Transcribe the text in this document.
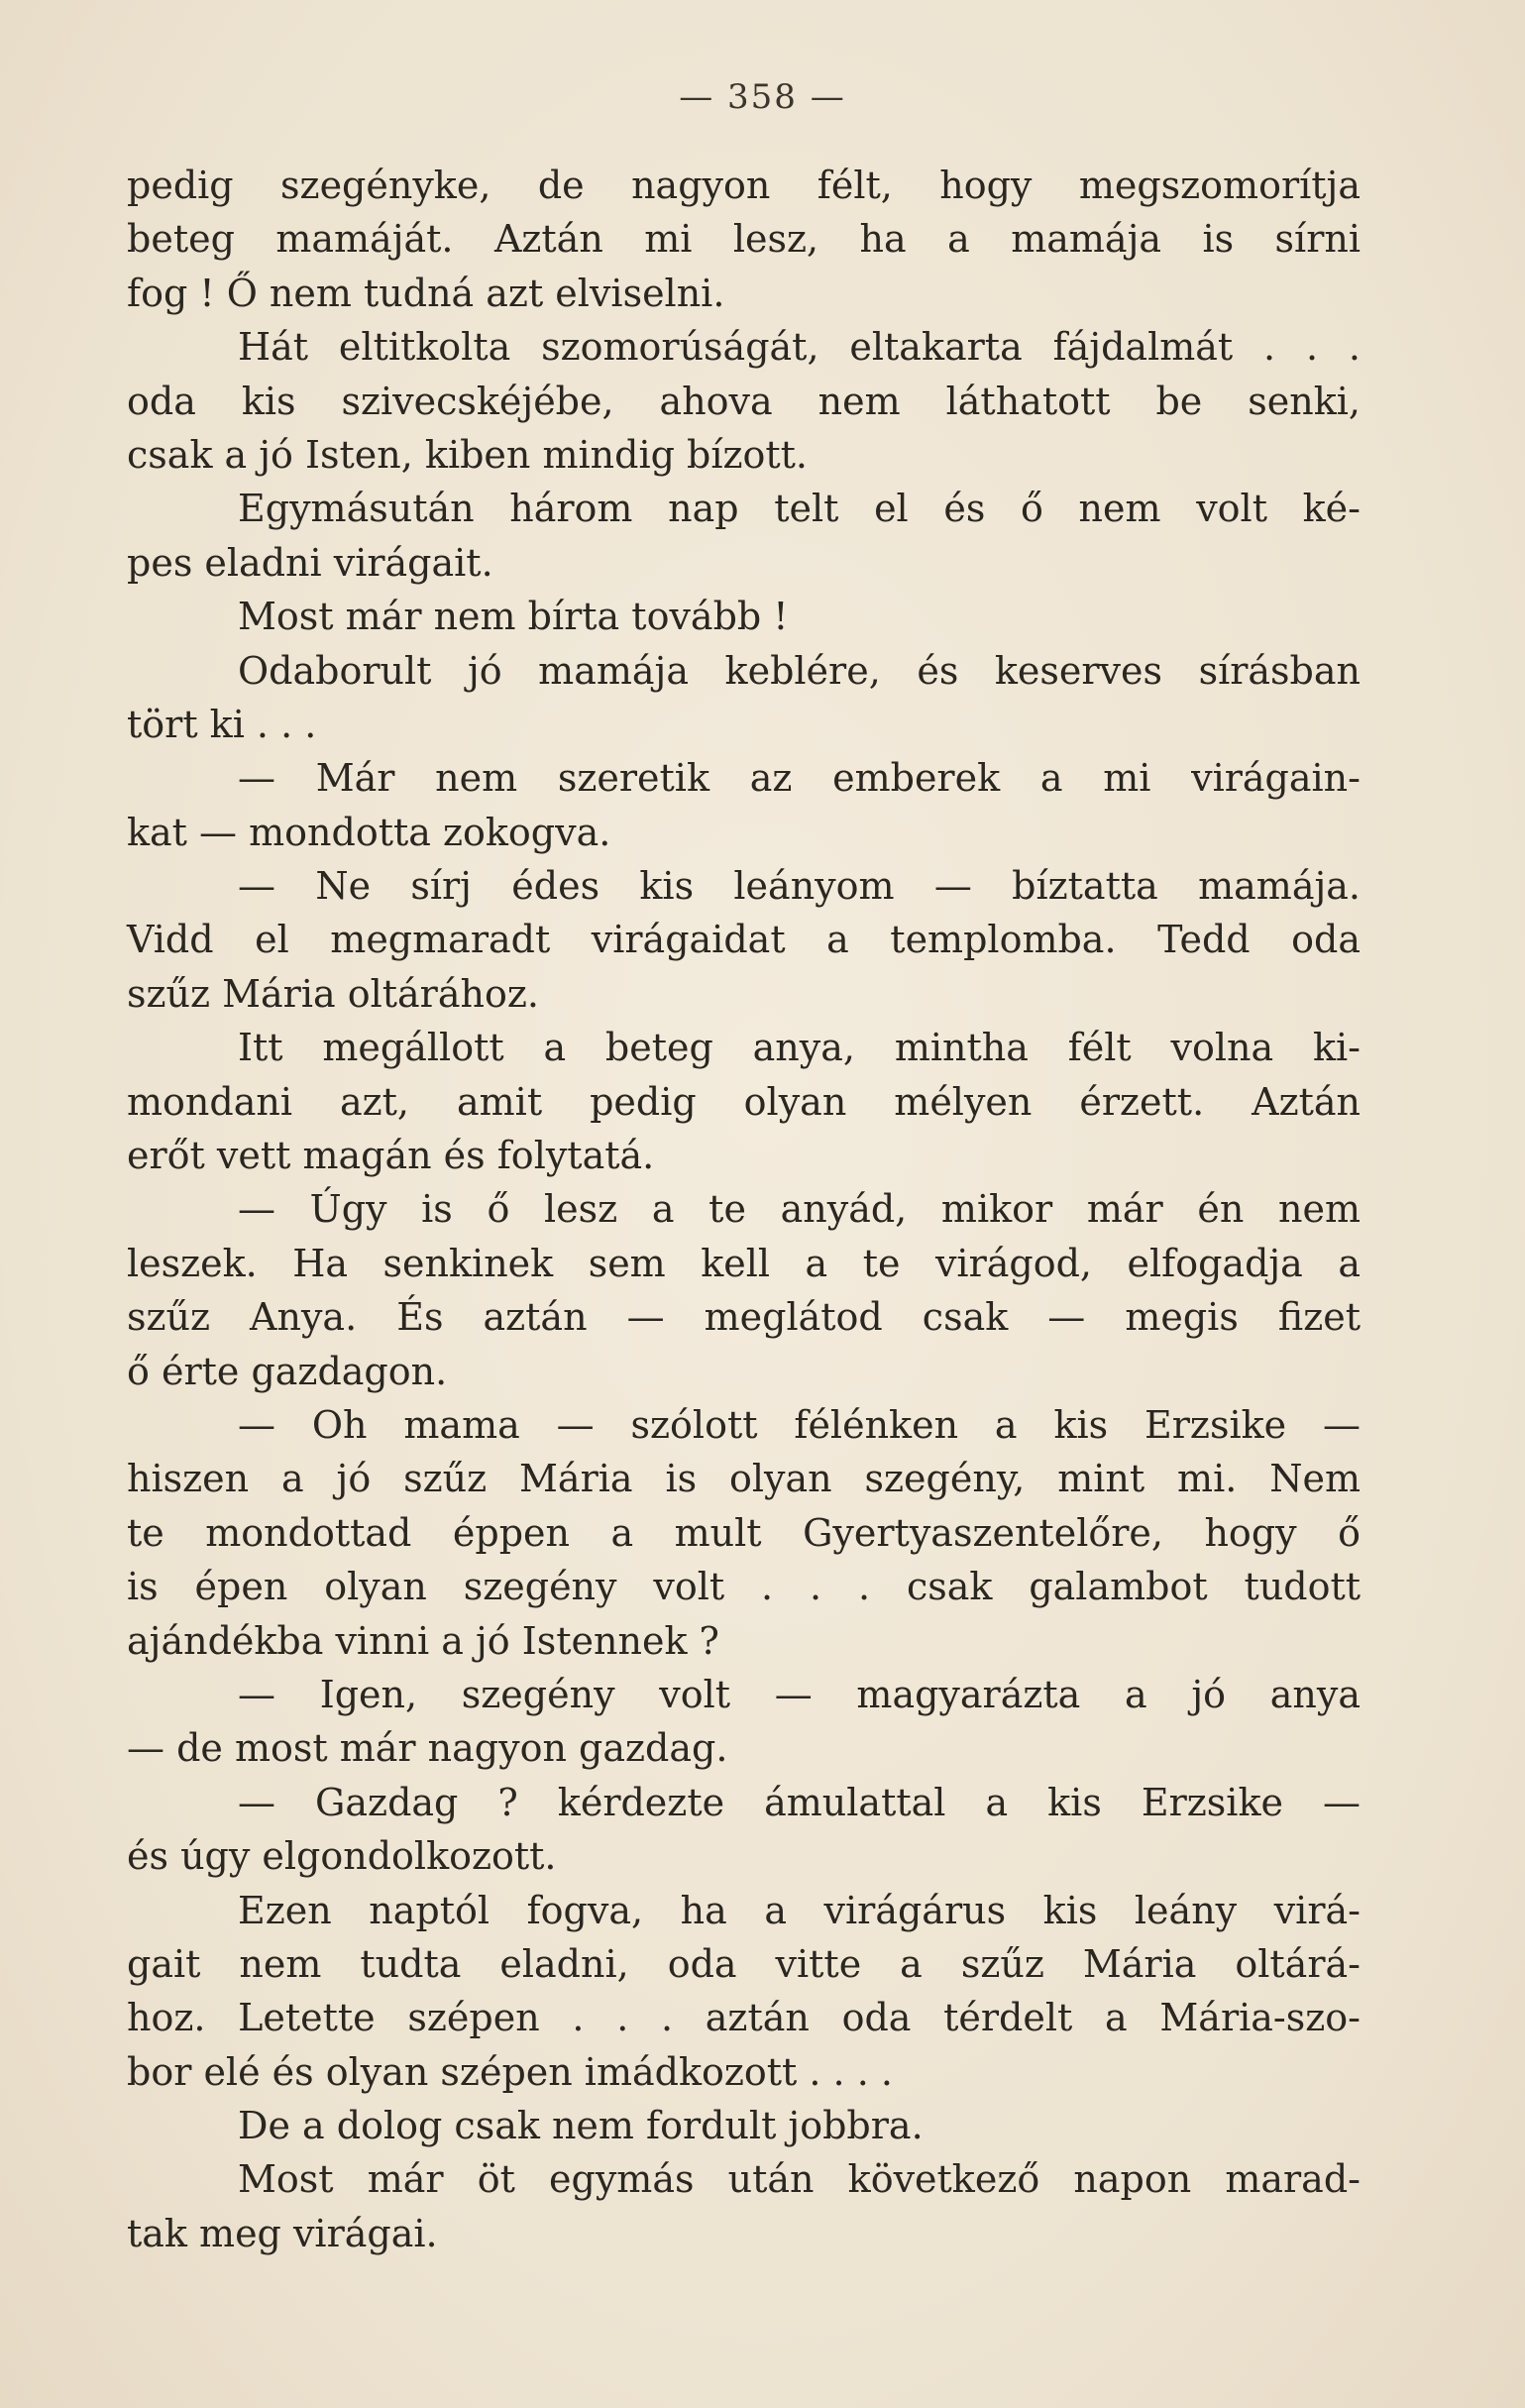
— 358 —
pedig szegényke, de nagyon félt, hogy megszomorítja
beteg mamáját. Aztán mi lesz, ha a mamája is sírni
fog ! Ő nem tudná azt elviselni.
Hát eltitkolta szomorúságát, eltakarta fájdalmát . . .
oda kis szivecskéjébe, ahova nem láthatott be senki,
csak a jó Isten, kiben mindig bízott.
Egymásután három nap telt el és ő nem volt ké-
pes eladni virágait.
Most már nem bírta tovább !
Odaborult jó mamája keblére, és keserves sírásban
tört ki . . .
— Már nem szeretik az emberek a mi virágain-
kat — mondotta zokogva.
— Ne sírj édes kis leányom — bíztatta mamája.
Vidd el megmaradt virágaidat a templomba. Tedd oda
szűz Mária oltárához.
Itt megállott a beteg anya, mintha félt volna ki-
mondani azt, amit pedig olyan mélyen érzett. Aztán
erőt vett magán és folytatá.
— Úgy is ő lesz a te anyád, mikor már én nem
leszek. Ha senkinek sem kell a te virágod, elfogadja a
szűz Anya. És aztán — meglátod csak — megis fizet
ő érte gazdagon.
— Oh mama — szólott félénken a kis Erzsike —
hiszen a jó szűz Mária is olyan szegény, mint mi. Nem
te mondottad éppen a mult Gyertyaszentelőre, hogy ő
is épen olyan szegény volt . . . csak galambot tudott
ajándékba vinni a jó Istennek ?
— Igen, szegény volt — magyarázta a jó anya
— de most már nagyon gazdag.
— Gazdag ? kérdezte ámulattal a kis Erzsike —
és úgy elgondolkozott.
Ezen naptól fogva, ha a virágárus kis leány virá-
gait nem tudta eladni, oda vitte a szűz Mária oltárá-
hoz. Letette szépen . . . aztán oda térdelt a Mária-szo-
bor elé és olyan szépen imádkozott . . . .
De a dolog csak nem fordult jobbra.
Most már öt egymás után következő napon marad-
tak meg virágai.
